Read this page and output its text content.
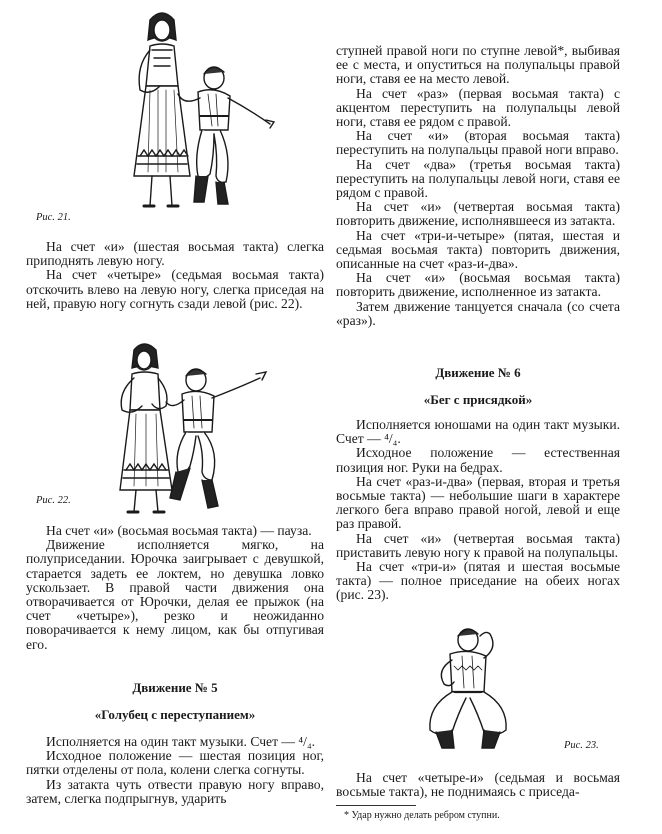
Рис. 21.

На счет «и» (шестая восьмая такта) слегка приподнять левую ногу.

На счет «четыре» (седьмая восьмая такта) отскочить влево на левую ногу, слегка приседая на ней, правую ногу согнуть сзади левой (рис. 22).

Рис. 22.

На счет «и» (восьмая восьмая такта) — пауза.

Движение исполняется мягко, на полуприседании. Юрочка заигрывает с девушкой, старается задеть ее локтем, но девушка ловко ускользает. В правой части движения она отворачивается от Юрочки, делая ее прыжок (на счет «четыре»), резко и неожиданно поворачивается к нему лицом, как бы отпугивая его.

Движение № 5
«Голубец с переступанием»

Исполняется на один такт музыки. Счет — ⁴/₄.

Исходное положение — шестая позиция ног, пятки отделены от пола, колени слегка согнуты.

Из затакта чуть отвести правую ногу вправо, затем, слегка подпрыгнув, ударить

ступней правой ноги по ступне левой*, выбивая ее с места, и опуститься на полупальцы правой ноги, ставя ее на место левой.

На счет «раз» (первая восьмая такта) с акцентом переступить на полупальцы левой ноги, ставя ее рядом с правой.

На счет «и» (вторая восьмая такта) переступить на полупальцы правой ноги вправо.

На счет «два» (третья восьмая такта) переступить на полупальцы левой ноги, ставя ее рядом с правой.

На счет «и» (четвертая восьмая такта) повторить движение, исполнявшееся из затакта.

На счет «три-и-четыре» (пятая, шестая и седьмая восьмая такта) повторить движения, описанные на счет «раз-и-два».

На счет «и» (восьмая восьмая такта) повторить движение, исполненное из затакта.

Затем движение танцуется сначала (со счета «раз»).

Движение № 6
«Бег с присядкой»

Исполняется юношами на один такт музыки. Счет — ⁴/₄.

Исходное положение — естественная позиция ног. Руки на бедрах.

На счет «раз-и-два» (первая, вторая и третья восьмые такта) — небольшие шаги в характере легкого бега вправо правой ногой, левой и еще раз правой.

На счет «и» (четвертая восьмая такта) приставить левую ногу к правой на полупальцы.

На счет «три-и» (пятая и шестая восьмые такта) — полное приседание на обеих ногах (рис. 23).

Рис. 23.

На счет «четыре-и» (седьмая и восьмая восьмые такта), не поднимаясь с приседа-

* Удар нужно делать ребром ступни.
